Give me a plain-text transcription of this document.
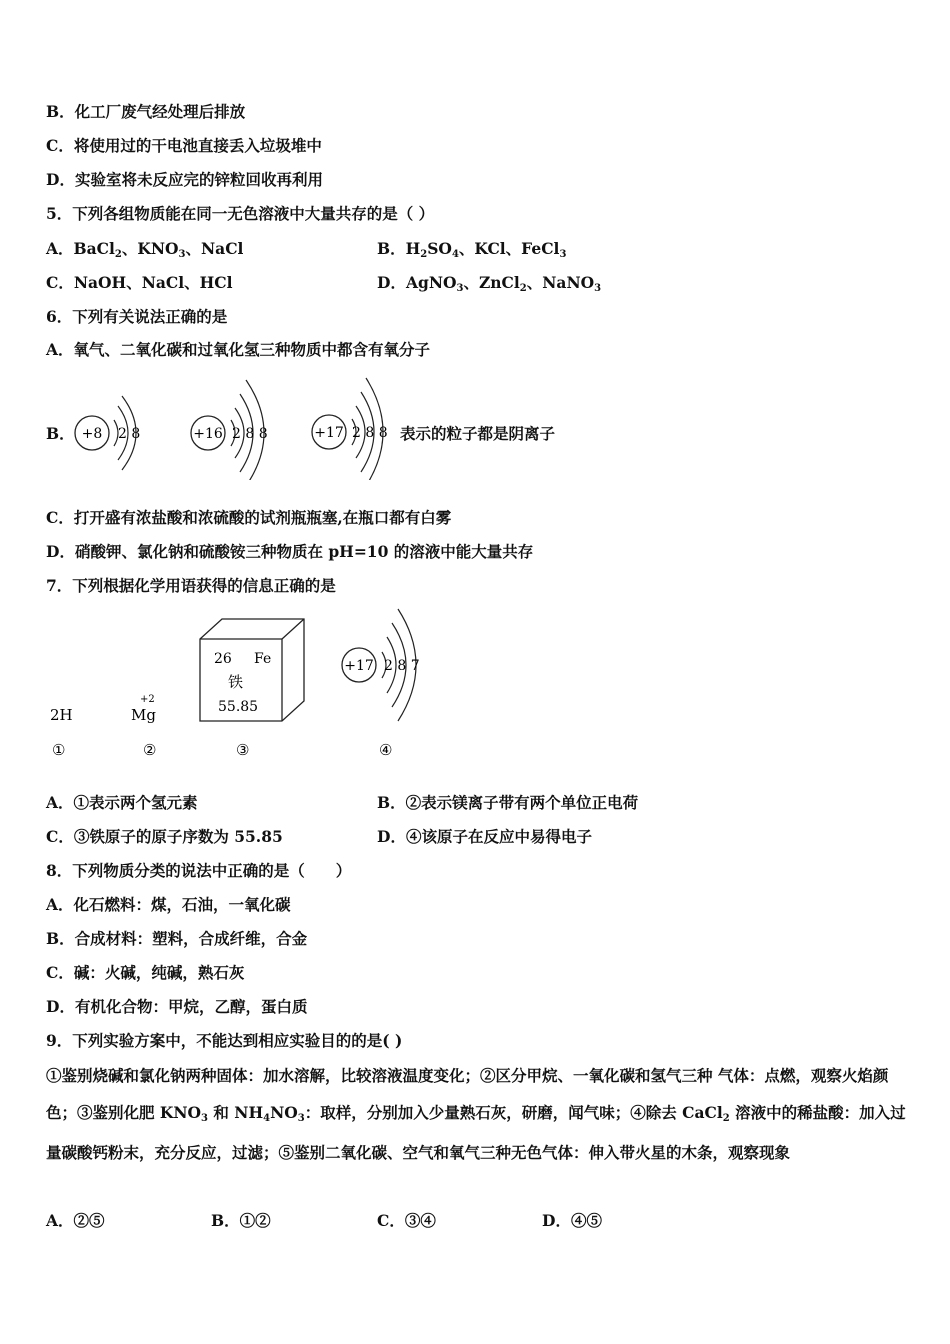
B．化工厂废气经处理后排放
C．将使用过的干电池直接丢入垃圾堆中
D．实验室将未反应完的锌粒回收再利用
5．下列各组物质能在同一无色溶液中大量共存的是（ ）
A．BaCl2、KNO3、NaCl	B．H2SO4、KCl、FeCl3
C．NaOH、NaCl、HCl	D．AgNO3、ZnCl2、NaNO3
6．下列有关说法正确的是
A．氧气、二氧化碳和过氧化氢三种物质中都含有氧分子
B． +8 2 8	+16 2 8 8	+17 2 8 8 表示的粒子都是阴离子
C．打开盛有浓盐酸和浓硫酸的试剂瓶瓶塞,在瓶口都有白雾
D．硝酸钾、氯化钠和硫酸铵三种物质在 pH=10 的溶液中能大量共存
7．下列根据化学用语获得的信息正确的是
2H
+2
Mg
26 Fe
铁
55.85
+17 2 8 7
①	②	③	④
A．①表示两个氢元素	B．②表示镁离子带有两个单位正电荷
C．③铁原子的原子序数为 55.85	D．④该原子在反应中易得电子
8．下列物质分类的说法中正确的是（　　）
A．化石燃料：煤，石油，一氧化碳
B．合成材料：塑料，合成纤维，合金
C．碱：火碱，纯碱，熟石灰
D．有机化合物：甲烷，乙醇，蛋白质
9．下列实验方案中，不能达到相应实验目的的是( )
①鉴别烧碱和氯化钠两种固体：加水溶解，比较溶液温度变化；②区分甲烷、一氧化碳和氢气三种 气体：点燃，观察火焰颜色；③鉴别化肥 KNO3 和 NH4NO3：取样，分别加入少量熟石灰，研磨，闻气味；④除去 CaCl2 溶液中的稀盐酸：加入过量碳酸钙粉末，充分反应，过滤；⑤鉴别二氧化碳、空气和氧气三种无色气体：伸入带火星的木条，观察现象
A．②⑤	B．①②	C．③④	D．④⑤
